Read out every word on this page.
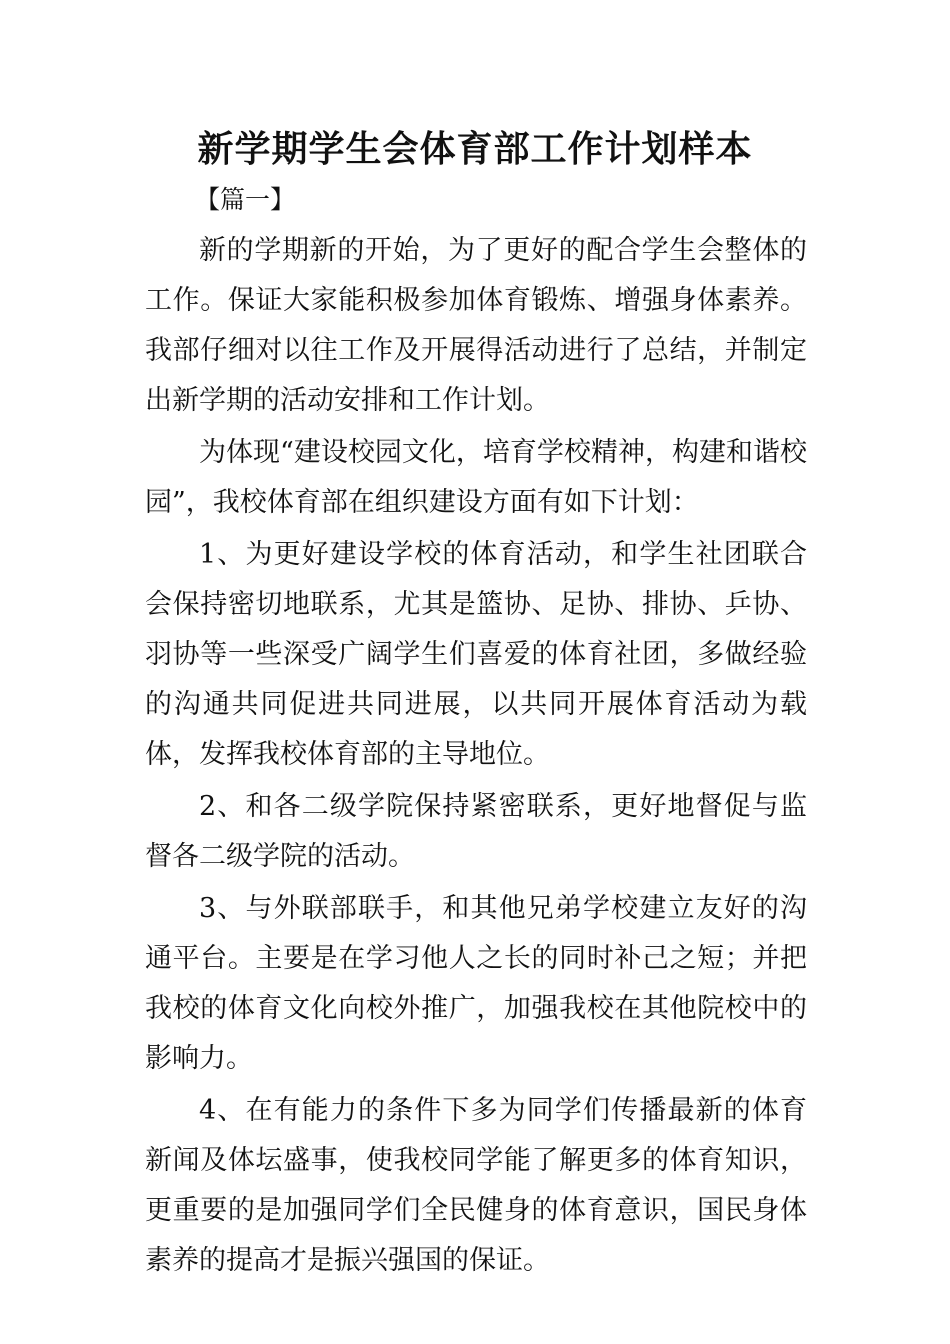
新学期学生会体育部工作计划样本

【篇一】

新的学期新的开始，为了更好的配合学生会整体的工作。保证大家能积极参加体育锻炼、增强身体素养。我部仔细对以往工作及开展得活动进行了总结，并制定出新学期的活动安排和工作计划。

为体现“建设校园文化，培育学校精神，构建和谐校园”，我校体育部在组织建设方面有如下计划：

1、为更好建设学校的体育活动，和学生社团联合会保持密切地联系，尤其是篮协、足协、排协、乒协、羽协等一些深受广阔学生们喜爱的体育社团，多做经验的沟通共同促进共同进展，以共同开展体育活动为载体，发挥我校体育部的主导地位。

2、和各二级学院保持紧密联系，更好地督促与监督各二级学院的活动。

3、与外联部联手，和其他兄弟学校建立友好的沟通平台。主要是在学习他人之长的同时补己之短；并把我校的体育文化向校外推广，加强我校在其他院校中的影响力。

4、在有能力的条件下多为同学们传播最新的体育新闻及体坛盛事，使我校同学能了解更多的体育知识，更重要的是加强同学们全民健身的体育意识，国民身体素养的提高才是振兴强国的保证。
